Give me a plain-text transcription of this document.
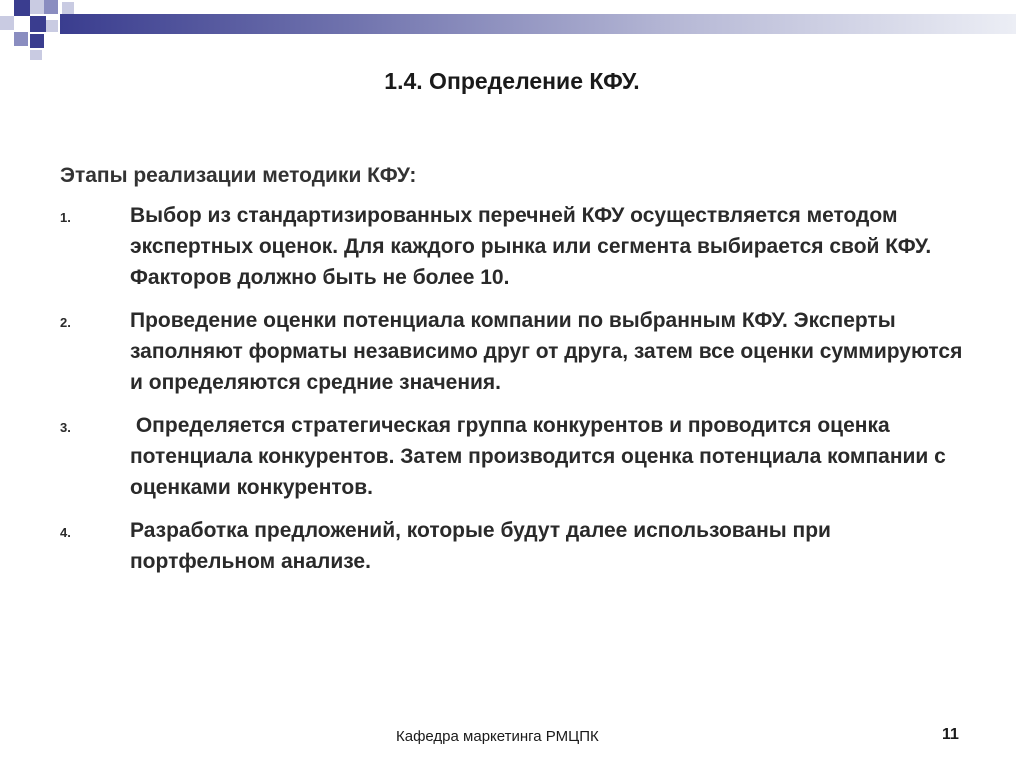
1.4. Определение КФУ.
Этапы реализации методики КФУ:
1.	Выбор из стандартизированных перечней КФУ осуществляется методом экспертных оценок. Для каждого рынка или сегмента выбирается свой КФУ. Факторов должно быть не более 10.
2.	Проведение оценки потенциала компании по выбранным КФУ. Эксперты заполняют форматы независимо друг от друга, затем все оценки суммируются и определяются средние значения.
3.	Определяется стратегическая группа конкурентов и проводится оценка потенциала конкурентов. Затем производится оценка потенциала компании с оценками конкурентов.
4.	Разработка предложений, которые будут далее использованы при портфельном анализе.
Кафедра маркетинга РМЦПК	11
